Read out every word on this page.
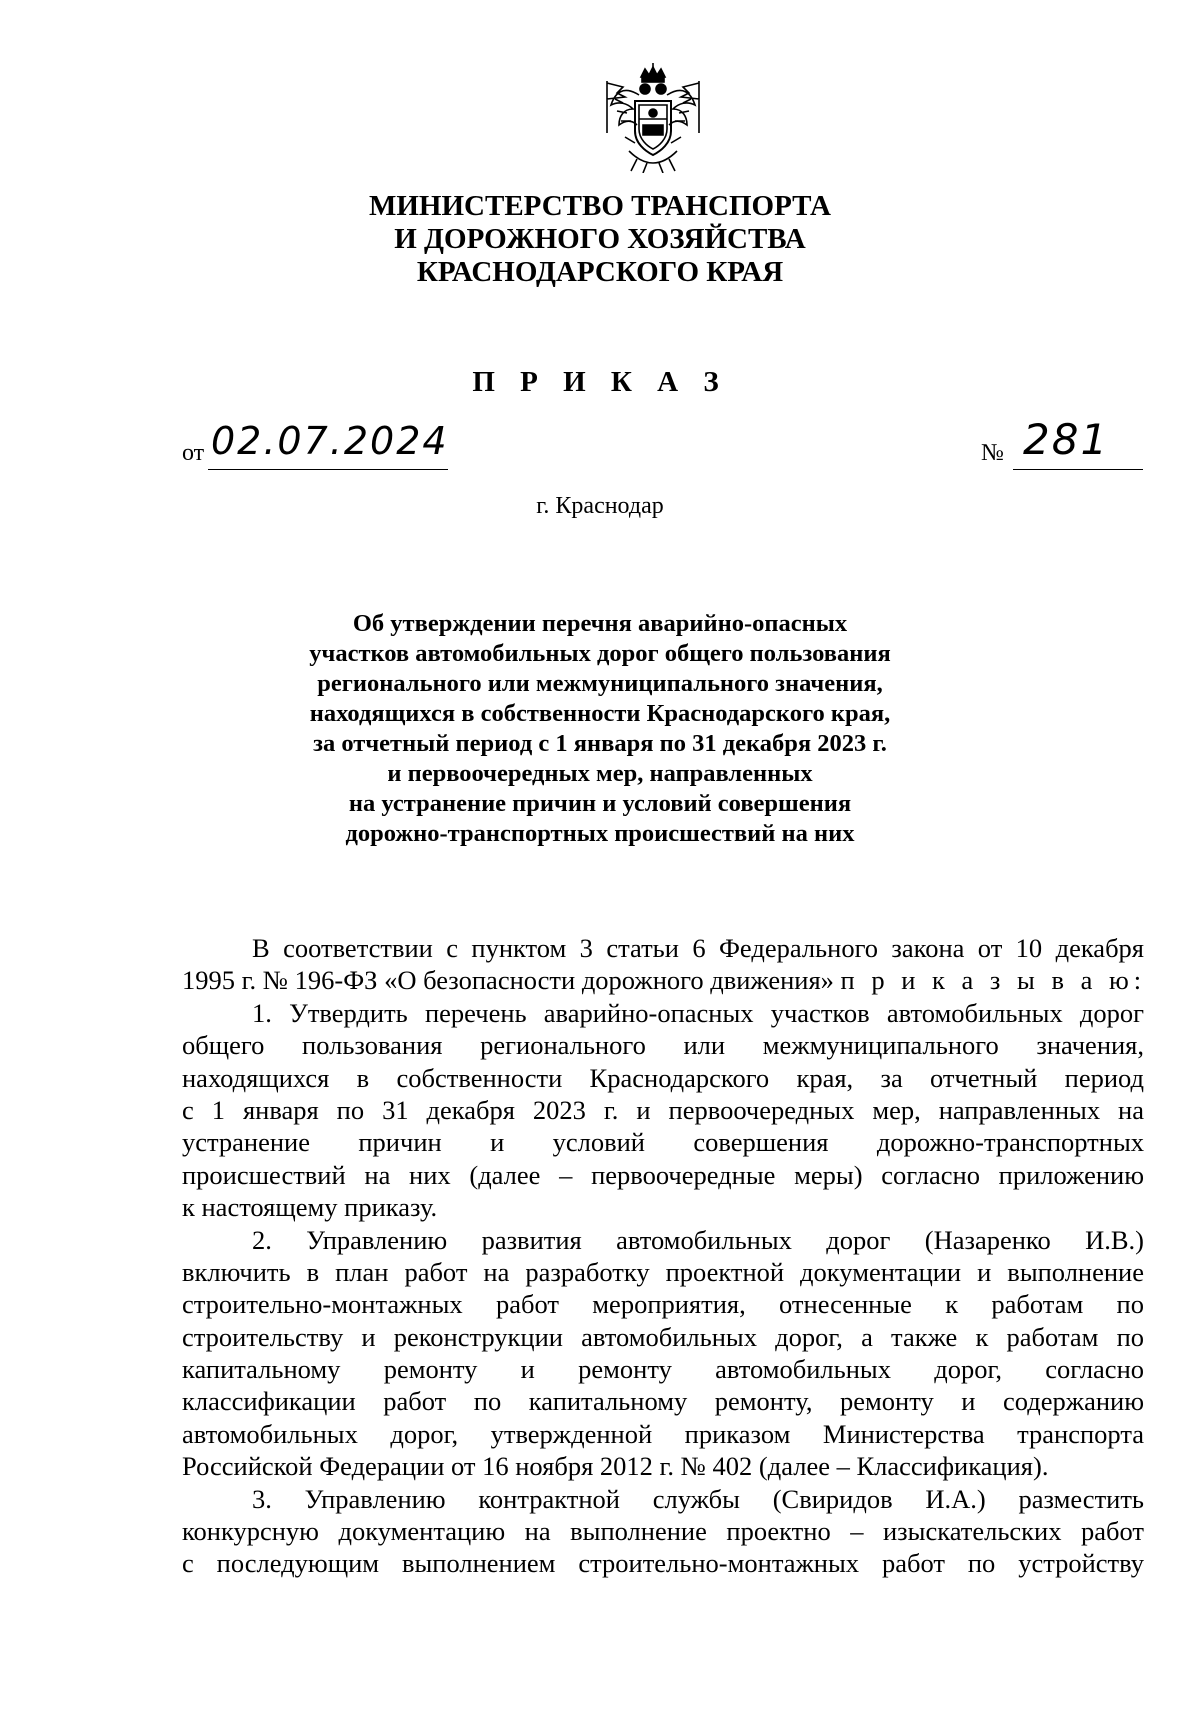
МИНИСТЕРСТВО ТРАНСПОРТА
И ДОРОЖНОГО ХОЗЯЙСТВА
КРАСНОДАРСКОГО КРАЯ
П Р И К А З
от 02.07.2024	№ 281
г. Краснодар
Об утверждении перечня аварийно-опасных
участков автомобильных дорог общего пользования
регионального или межмуниципального значения,
находящихся в собственности Краснодарского края,
за отчетный период с 1 января по 31 декабря 2023 г.
и первоочередных мер, направленных
на устранение причин и условий совершения
дорожно-транспортных происшествий на них
В соответствии с пунктом 3 статьи 6 Федерального закона от 10 декабря
1995 г. № 196-ФЗ «О безопасности дорожного движения» п р и к а з ы в а ю:
1. Утвердить перечень аварийно-опасных участков автомобильных дорог
общего пользования регионального или межмуниципального значения,
находящихся в собственности Краснодарского края, за отчетный период
с 1 января по 31 декабря 2023 г. и первоочередных мер, направленных на
устранение причин и условий совершения дорожно-транспортных
происшествий на них (далее – первоочередные меры) согласно приложению
к настоящему приказу.
2. Управлению развития автомобильных дорог (Назаренко И.В.)
включить в план работ на разработку проектной документации и выполнение
строительно-монтажных работ мероприятия, отнесенные к работам по
строительству и реконструкции автомобильных дорог, а также к работам по
капитальному ремонту и ремонту автомобильных дорог, согласно
классификации работ по капитальному ремонту, ремонту и содержанию
автомобильных дорог, утвержденной приказом Министерства транспорта
Российской Федерации от 16 ноября 2012 г. № 402 (далее – Классификация).
3. Управлению контрактной службы (Свиридов И.А.) разместить
конкурсную документацию на выполнение проектно – изыскательских работ
с последующим выполнением строительно-монтажных работ по устройству
